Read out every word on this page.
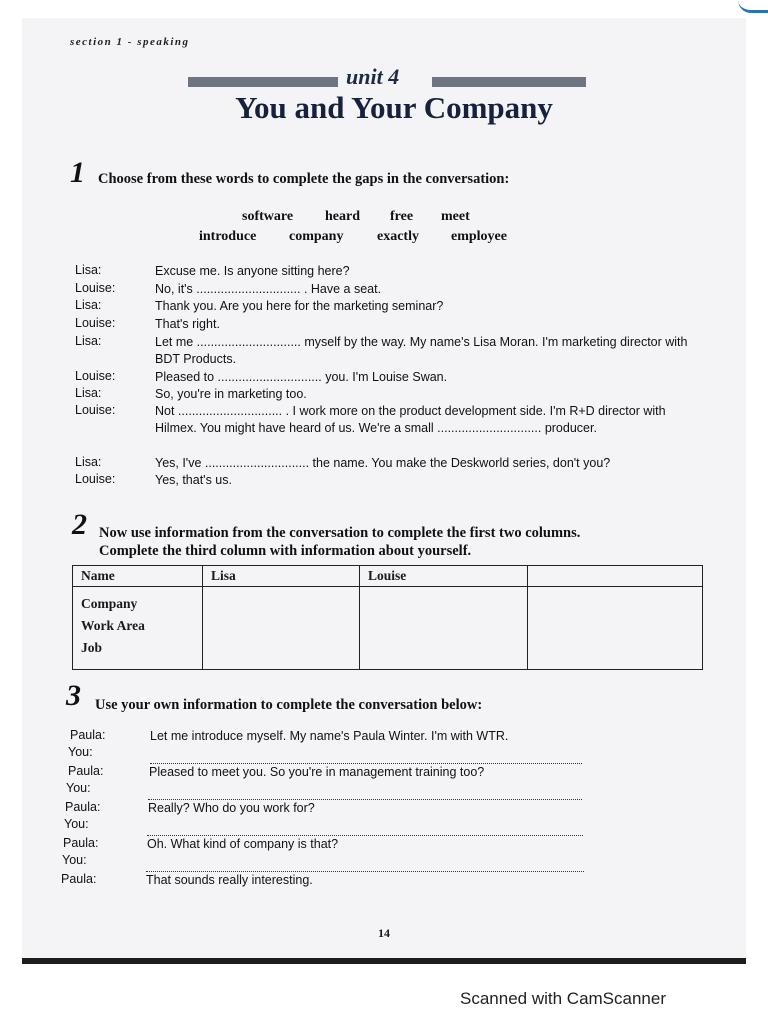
section 1 - speaking
unit 4
You and Your Company
1 Choose from these words to complete the gaps in the conversation:
software heard free meet
introduce company exactly employee
Lisa:	Excuse me. Is anyone sitting here?
Louise:	No, it's .............................. . Have a seat.
Lisa:	Thank you. Are you here for the marketing seminar?
Louise:	That's right.
Lisa:	Let me .............................. myself by the way. My name's Lisa Moran. I'm marketing director with BDT Products.
Louise:	Pleased to .............................. you. I'm Louise Swan.
Lisa:	So, you're in marketing too.
Louise:	Not .............................. . I work more on the product development side. I'm R+D director with Hilmex. You might have heard of us. We're a small .............................. producer.
Lisa:	Yes, I've .............................. the name. You make the Deskworld series, don't you?
Louise:	Yes, that's us.
2 Now use information from the conversation to complete the first two columns.
Complete the third column with information about yourself.
Name	Lisa	Louise	

Company
Work Area
Job			

3 Use your own information to complete the conversation below:
Paula:	Let me introduce myself. My name's Paula Winter. I'm with WTR.
You:
Paula:	Pleased to meet you. So you're in management training too?
You:
Paula:	Really? Who do you work for?
You:
Paula:	Oh. What kind of company is that?
You:
Paula:	That sounds really interesting.
14
Scanned with CamScanner
